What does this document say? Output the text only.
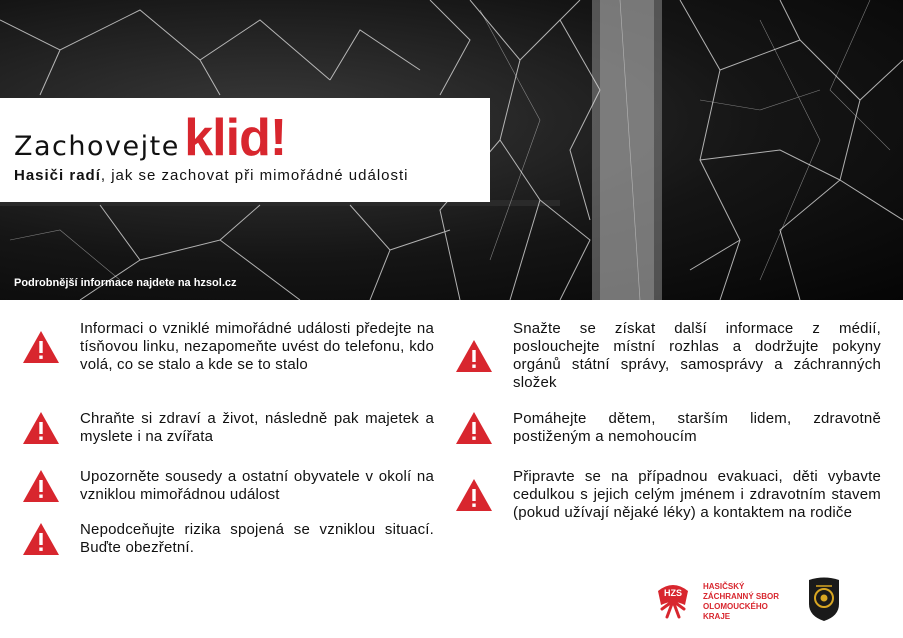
Zachovejte klid!
Hasiči radí, jak se zachovat při mimořádné události
Podrobnější informace najdete na hzsol.cz
Informaci o vzniklé mimořádné události předejte na tísňovou linku, nezapomeňte uvést do telefonu, kdo volá, co se stalo a kde se to stalo
Chraňte si zdraví a život, následně pak majetek a myslete i na zvířata
Upozorněte sousedy a ostatní obyvatele v okolí na vzniklou mimořádnou událost
Nepodceňujte rizika spojená se vzniklou situací. Buďte obezřetní.
Snažte se získat další informace z médií, poslouchejte místní rozhlas a dodržujte pokyny orgánů státní správy, samosprávy a záchranných složek
Pomáhejte dětem, starším lidem, zdravotně postiženým a nemohoucím
Připravte se na případnou evakuaci, děti vybavte cedulkou s jejich celým jménem i zdravotním stavem (pokud užívají nějaké léky) a kontaktem na rodiče
HZS
HASIČSKÝ
ZÁCHRANNÝ SBOR
OLOMOUCKÉHO
KRAJE
